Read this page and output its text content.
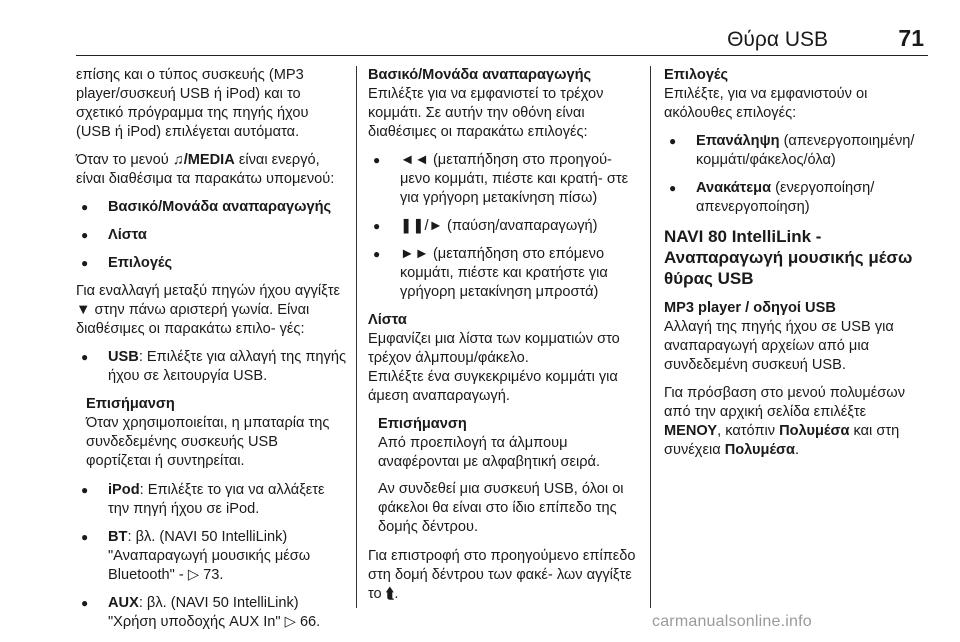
Θύρα USB	71

επίσης και ο τύπος συσκευής (MP3 player/συσκευή USB ή iPod) και το σχετικό πρόγραμμα της πηγής ήχου (USB ή iPod) επιλέγεται αυτόματα.

Όταν το μενού ♫/MEDIA είναι ενεργό, είναι διαθέσιμα τα παρακάτω υπομενού:

● Βασικό/Μονάδα αναπαραγωγής
● Λίστα
● Επιλογές

Για εναλλαγή μεταξύ πηγών ήχου αγγίξτε ▼ στην πάνω αριστερή γωνία. Είναι διαθέσιμες οι παρακάτω επιλο- γές:

● USB: Επιλέξτε για αλλαγή της πηγής ήχου σε λειτουργία USB.

Επισήμανση

Όταν χρησιμοποιείται, η μπαταρία της συνδεδεμένης συσκευής USB φορτίζεται ή συντηρείται.

● iPod: Επιλέξτε το για να αλλάξετε την πηγή ήχου σε iPod.
● BT: βλ. (NAVI 50 IntelliLink) "Αναπαραγωγή μουσικής μέσω Bluetooth" - ▷ 73.
● AUX: βλ. (NAVI 50 IntelliLink) "Χρήση υποδοχής AUX In" ▷ 66.

Βασικό/Μονάδα αναπαραγωγής

Επιλέξτε για να εμφανιστεί το τρέχον κομμάτι. Σε αυτήν την οθόνη είναι διαθέσιμες οι παρακάτω επιλογές:

● ◄◄ (μεταπήδηση στο προηγού- μενο κομμάτι, πιέστε και κρατή- στε για γρήγορη μετακίνηση πίσω)
● ❚❚/► (παύση/αναπαραγωγή)
● ►► (μεταπήδηση στο επόμενο κομμάτι, πιέστε και κρατήστε για γρήγορη μετακίνηση μπροστά)

Λίστα

Εμφανίζει μια λίστα των κομματιών στο τρέχον άλμπουμ/φάκελο.

Επιλέξτε ένα συγκεκριμένο κομμάτι για άμεση αναπαραγωγή.

Επισήμανση

Από προεπιλογή τα άλμπουμ αναφέρονται με αλφαβητική σειρά.

Αν συνδεθεί μια συσκευή USB, όλοι οι φάκελοι θα είναι στο ίδιο επίπεδο της δομής δέντρου.

Για επιστροφή στο προηγούμενο επίπεδο στη δομή δέντρου των φακέ- λων αγγίξτε το ⮬.

Επιλογές

Επιλέξτε, για να εμφανιστούν οι ακόλουθες επιλογές:

● Επανάληψη (απενεργοποιημένη/ κομμάτι/φάκελος/όλα)
● Ανακάτεμα (ενεργοποίηση/ απενεργοποίηση)

NAVI 80 IntelliLink - Αναπαραγωγή μουσικής μέσω θύρας USB

MP3 player / οδηγοί USB

Αλλαγή της πηγής ήχου σε USB για αναπαραγωγή αρχείων από μια συνδεδεμένη συσκευή USB.

Για πρόσβαση στο μενού πολυμέσων από την αρχική σελίδα επιλέξτε ΜΕΝΟΥ, κατόπιν Πολυμέσα και στη συνέχεια Πολυμέσα.

carmanualsonline.info
